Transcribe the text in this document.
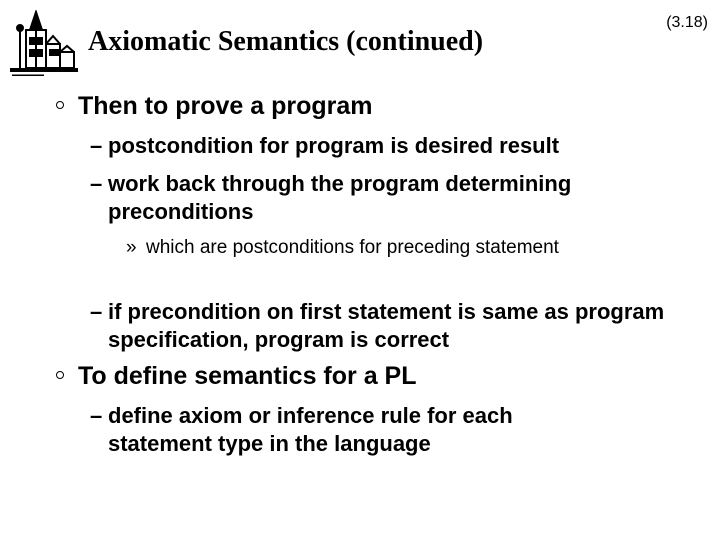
Axiomatic Semantics (continued)
(3.18)
Then to prove a program
– postcondition for program is desired result
– work back through the program determining preconditions
» which are postconditions for preceding statement
– if precondition on first statement is same as program specification, program is correct
To define semantics for a PL
– define axiom or inference rule for each statement type in the language
